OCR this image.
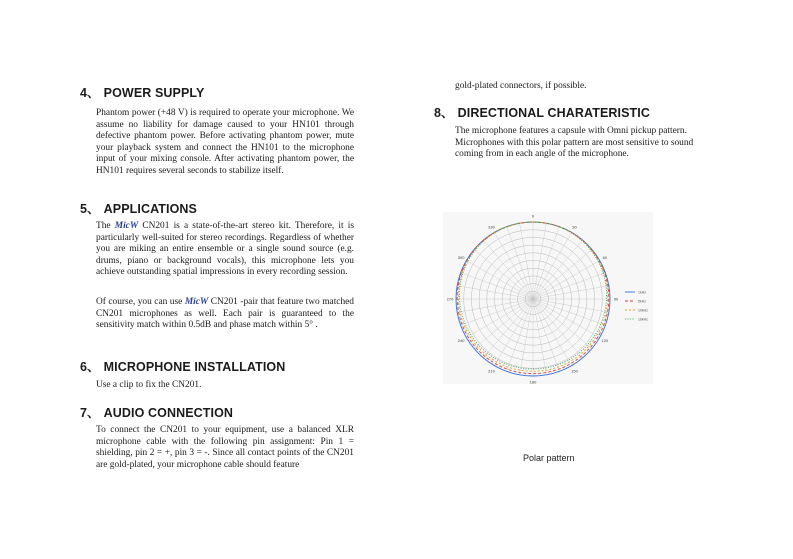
4、 POWER SUPPLY
Phantom power (+48 V) is required to operate your microphone. We assume no liability for damage caused to your HN101 through defective phantom power. Before activating phantom power, mute your playback system and connect the HN101 to the microphone input of your mixing console. After activating phantom power, the HN101 requires several seconds to stabilize itself.
5、 APPLICATIONS
The MicW CN201 is a state-of-the-art stereo kit. Therefore, it is particularly well-suited for stereo recordings. Regardless of whether you are miking an entire ensemble or a single sound source (e.g. drums, piano or background vocals), this microphone lets you achieve outstanding spatial impressions in every recording session.
Of course, you can use MicW CN201 -pair that feature two matched CN201 microphones as well. Each pair is guaranteed to the sensitivity match within 0.5dB and phase match within 5° .
6、 MICROPHONE INSTALLATION
Use a clip to fix the CN201.
7、 AUDIO CONNECTION
To connect the CN201 to your equipment, use a balanced XLR microphone cable with the following pin assignment: Pin 1 = shielding, pin 2 = +, pin 3 = -. Since all contact points of the CN201 are gold-plated, your microphone cable should feature
gold-plated connectors, if possible.
8、 DIRECTIONAL CHARATERISTIC
The microphone features a capsule with Omni pickup pattern. Microphones with this polar pattern are most sensitive to sound coming from in each angle of the microphone.
0
30
60
90
120
150
180
210
240
270
300
330
1kHz
5kHz
10kHz
16kHz
Polar pattern
